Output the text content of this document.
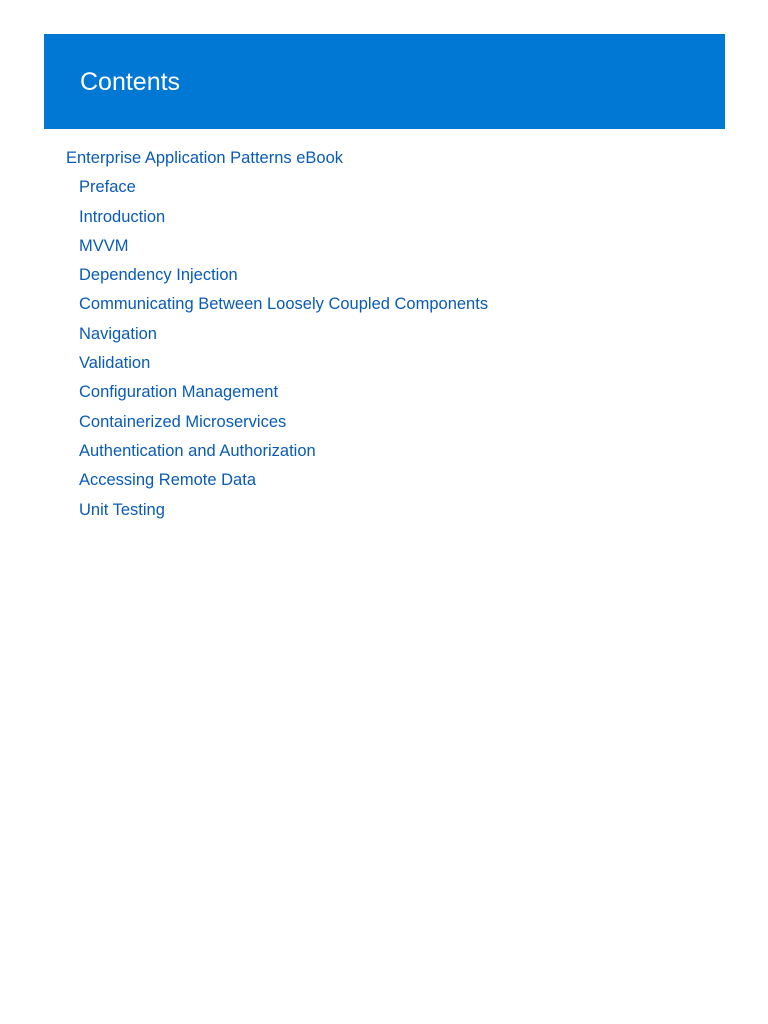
Contents
Enterprise Application Patterns eBook
Preface
Introduction
MVVM
Dependency Injection
Communicating Between Loosely Coupled Components
Navigation
Validation
Configuration Management
Containerized Microservices
Authentication and Authorization
Accessing Remote Data
Unit Testing
